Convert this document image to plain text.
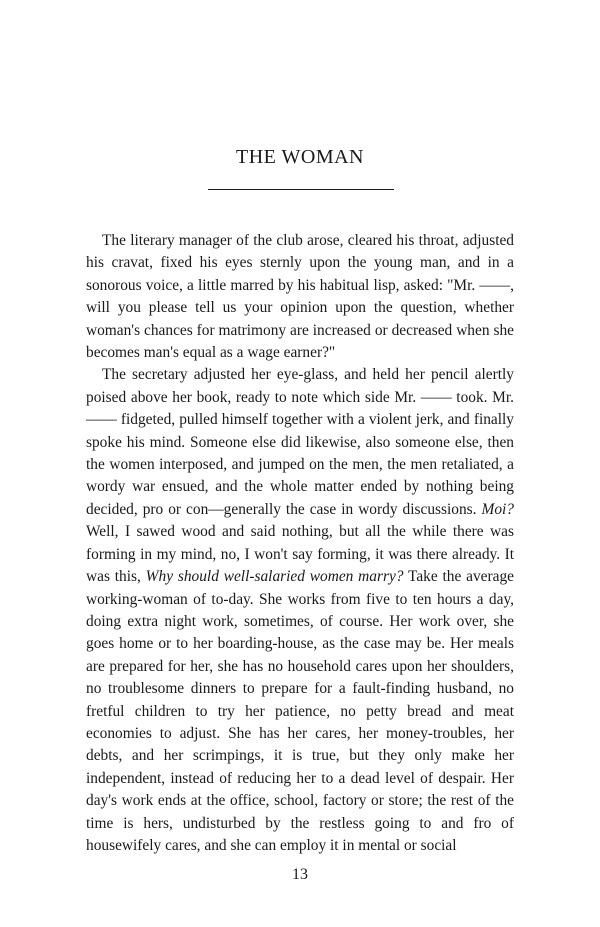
THE WOMAN

The literary manager of the club arose, cleared his throat, adjusted his cravat, fixed his eyes sternly upon the young man, and in a sonorous voice, a little marred by his habitual lisp, asked: "Mr. ——, will you please tell us your opinion upon the question, whether woman's chances for matrimony are increased or decreased when she becomes man's equal as a wage earner?"

The secretary adjusted her eye-glass, and held her pencil alertly poised above her book, ready to note which side Mr. —— took. Mr. —— fidgeted, pulled himself together with a violent jerk, and finally spoke his mind. Someone else did likewise, also someone else, then the women interposed, and jumped on the men, the men retaliated, a wordy war ensued, and the whole matter ended by nothing being decided, pro or con—generally the case in wordy discussions. Moi? Well, I sawed wood and said nothing, but all the while there was forming in my mind, no, I won't say forming, it was there already. It was this, Why should well-salaried women marry? Take the average working-woman of to-day. She works from five to ten hours a day, doing extra night work, sometimes, of course. Her work over, she goes home or to her boarding-house, as the case may be. Her meals are prepared for her, she has no household cares upon her shoulders, no troublesome dinners to prepare for a fault-finding husband, no fretful children to try her patience, no petty bread and meat economies to adjust. She has her cares, her money-troubles, her debts, and her scrimpings, it is true, but they only make her independent, instead of reducing her to a dead level of despair. Her day's work ends at the office, school, factory or store; the rest of the time is hers, undisturbed by the restless going to and fro of housewifely cares, and she can employ it in mental or social

13
